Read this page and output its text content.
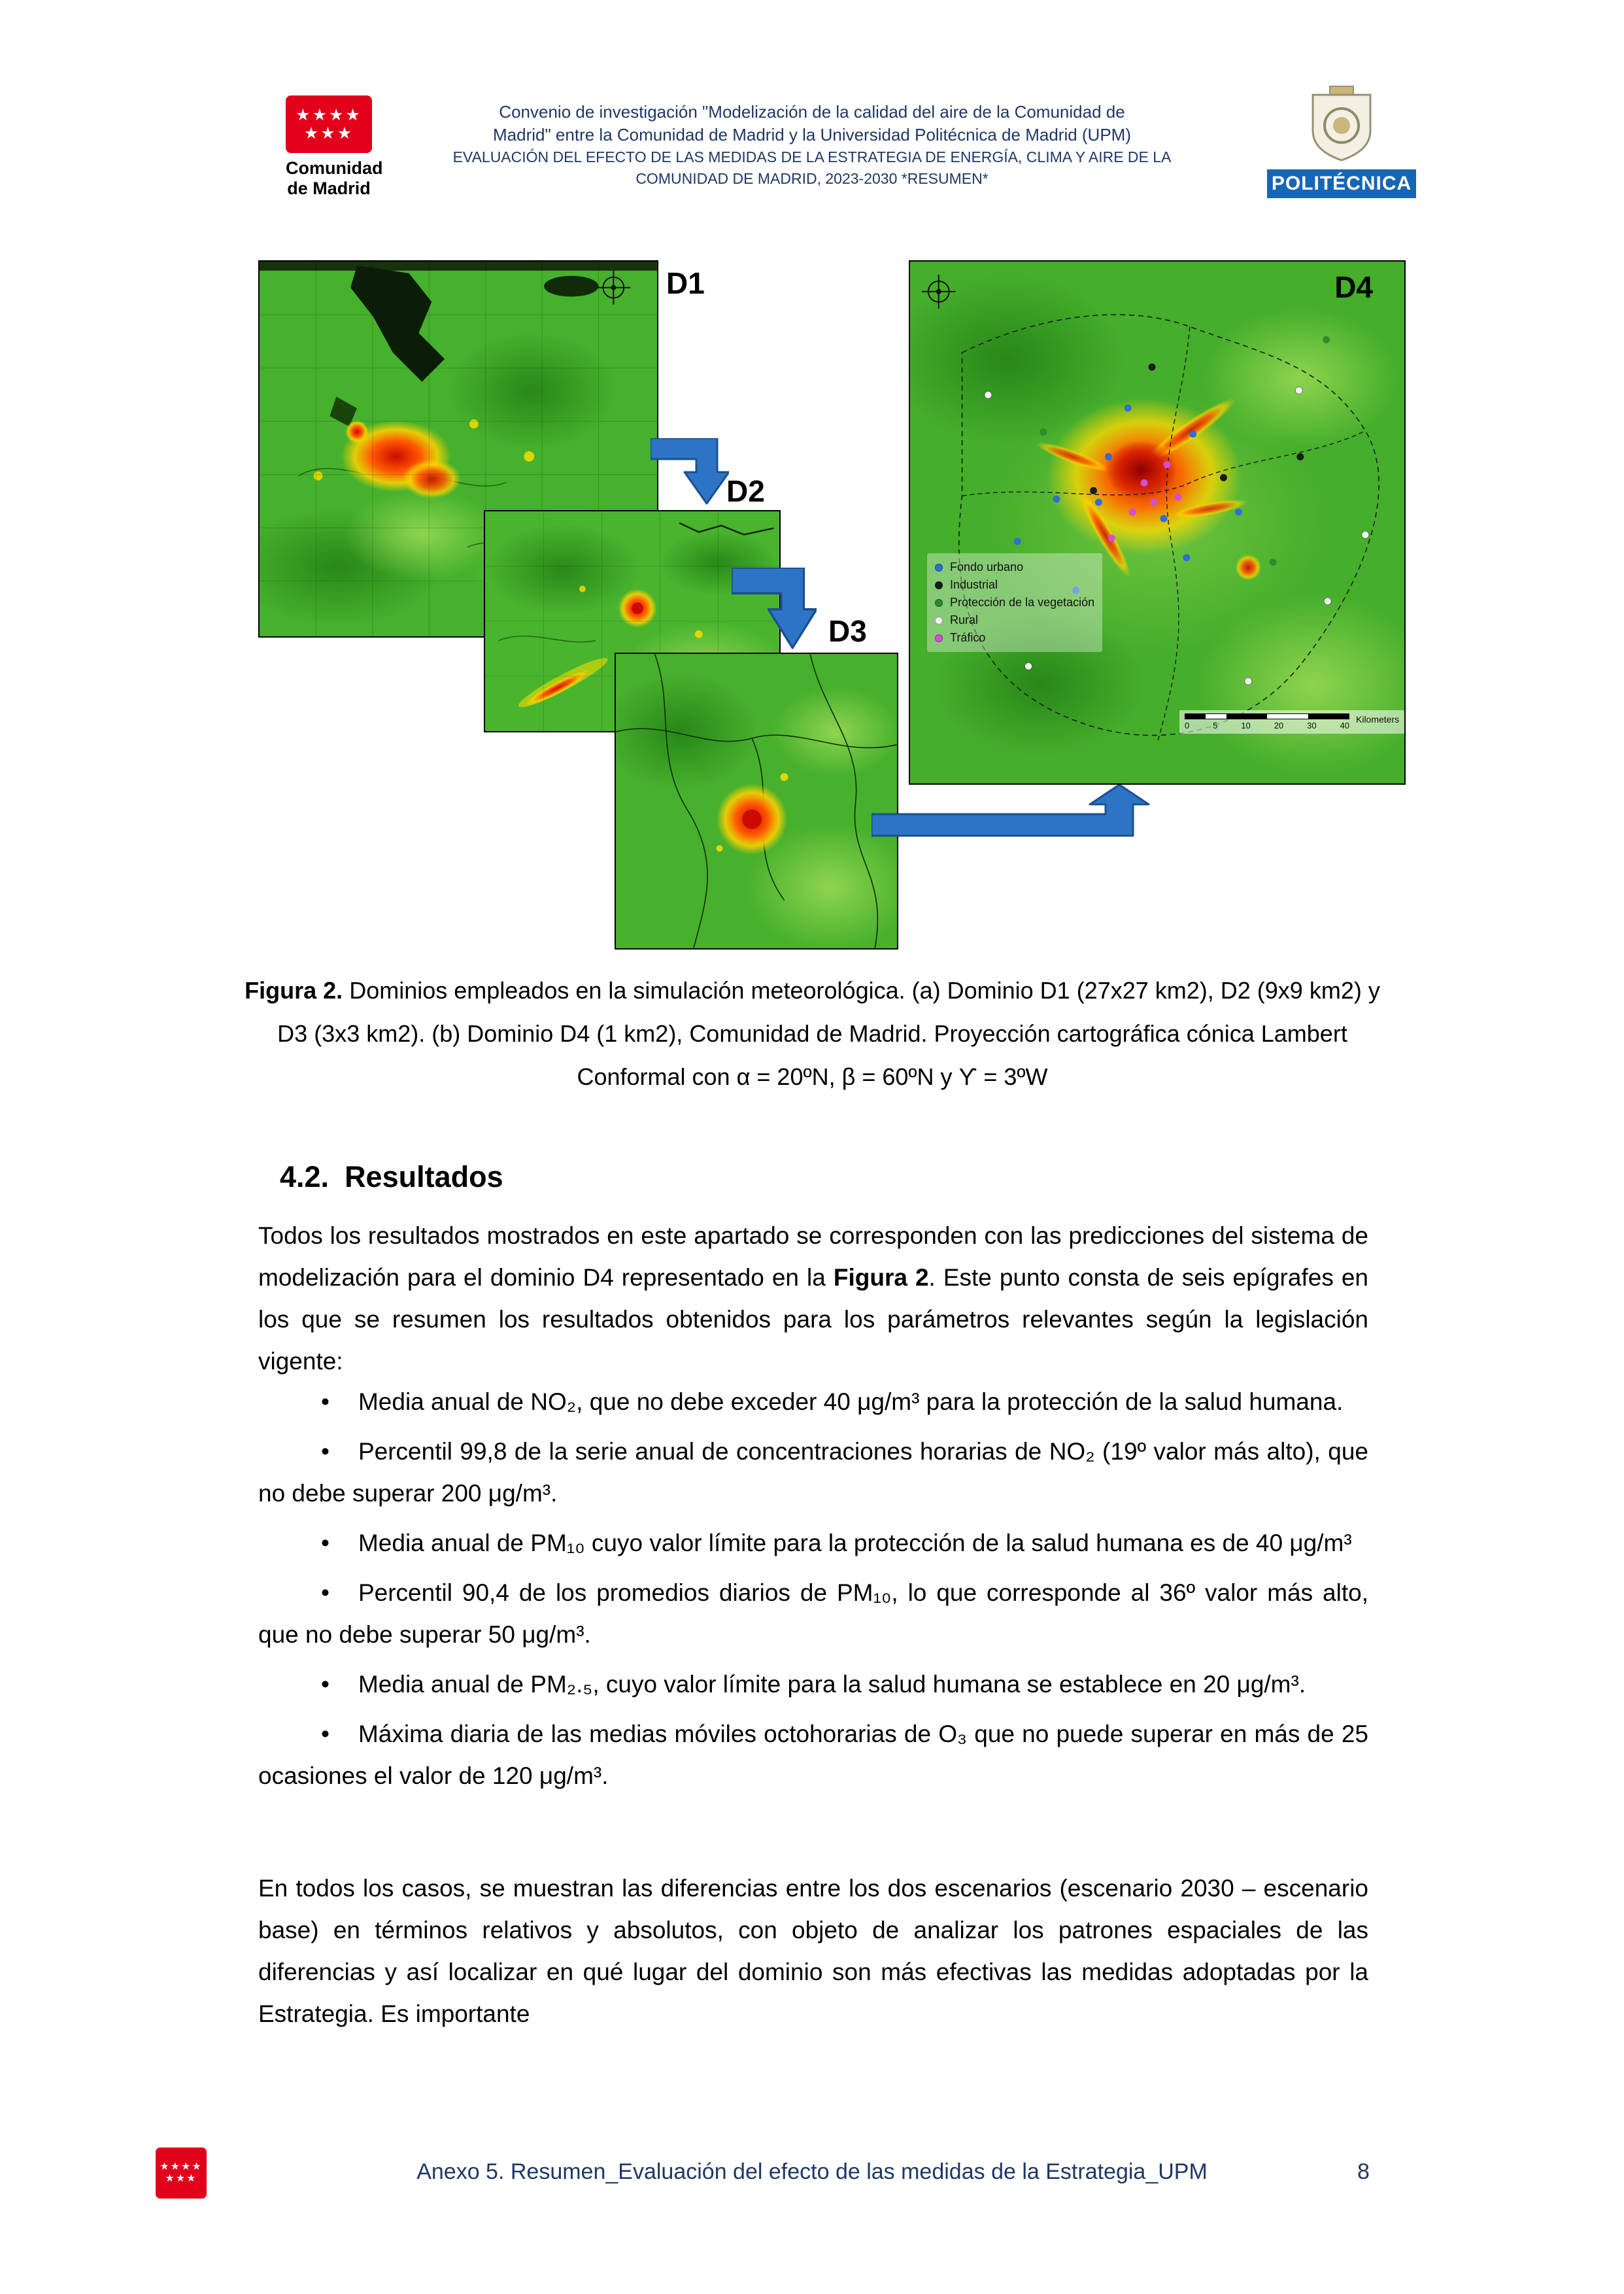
★★★★
★★★
Comunidad
de Madrid
Convenio de investigación "Modelización de la calidad del aire de la Comunidad de
Madrid" entre la Comunidad de Madrid y la Universidad Politécnica de Madrid (UPM)
EVALUACIÓN DEL EFECTO DE LAS MEDIDAS DE LA ESTRATEGIA DE ENERGÍA, CLIMA Y AIRE DE LA
COMUNIDAD DE MADRID, 2023-2030 *RESUMEN*	POLITÉCNICA
D4
Fondo urbano
Industrial
Protección de la vegetación
Rural
Tráfico
0	5	10	20	30	40
Kilometers
D1
D2
D3
Figura 2. Dominios empleados en la simulación meteorológica. (a) Dominio D1 (27x27 km2), D2 (9x9 km2) y D3 (3x3 km2). (b) Dominio D4 (1 km2), Comunidad de Madrid. Proyección cartográfica cónica Lambert Conformal con α = 20ºN, β = 60ºN y ϒ = 3ºW
4.2. Resultados
Todos los resultados mostrados en este apartado se corresponden con las predicciones del sistema de modelización para el dominio D4 representado en la Figura 2. Este punto consta de seis epígrafes en los que se resumen los resultados obtenidos para los parámetros relevantes según la legislación vigente:
• Media anual de NO₂, que no debe exceder 40 μg/m³ para la protección de la salud humana.
• Percentil 99,8 de la serie anual de concentraciones horarias de NO₂ (19º valor más alto), que no debe superar 200 μg/m³.
• Media anual de PM₁₀ cuyo valor límite para la protección de la salud humana es de 40 μg/m³
• Percentil 90,4 de los promedios diarios de PM₁₀, lo que corresponde al 36º valor más alto, que no debe superar 50 μg/m³.
• Media anual de PM₂.₅, cuyo valor límite para la salud humana se establece en 20 μg/m³.
• Máxima diaria de las medias móviles octohorarias de O₃ que no puede superar en más de 25 ocasiones el valor de 120 μg/m³.
En todos los casos, se muestran las diferencias entre los dos escenarios (escenario 2030 – escenario base) en términos relativos y absolutos, con objeto de analizar los patrones espaciales de las diferencias y así localizar en qué lugar del dominio son más efectivas las medidas adoptadas por la Estrategia. Es importante
★★★★
★★★	Anexo 5. Resumen_Evaluación del efecto de las medidas de la Estrategia_UPM	8
